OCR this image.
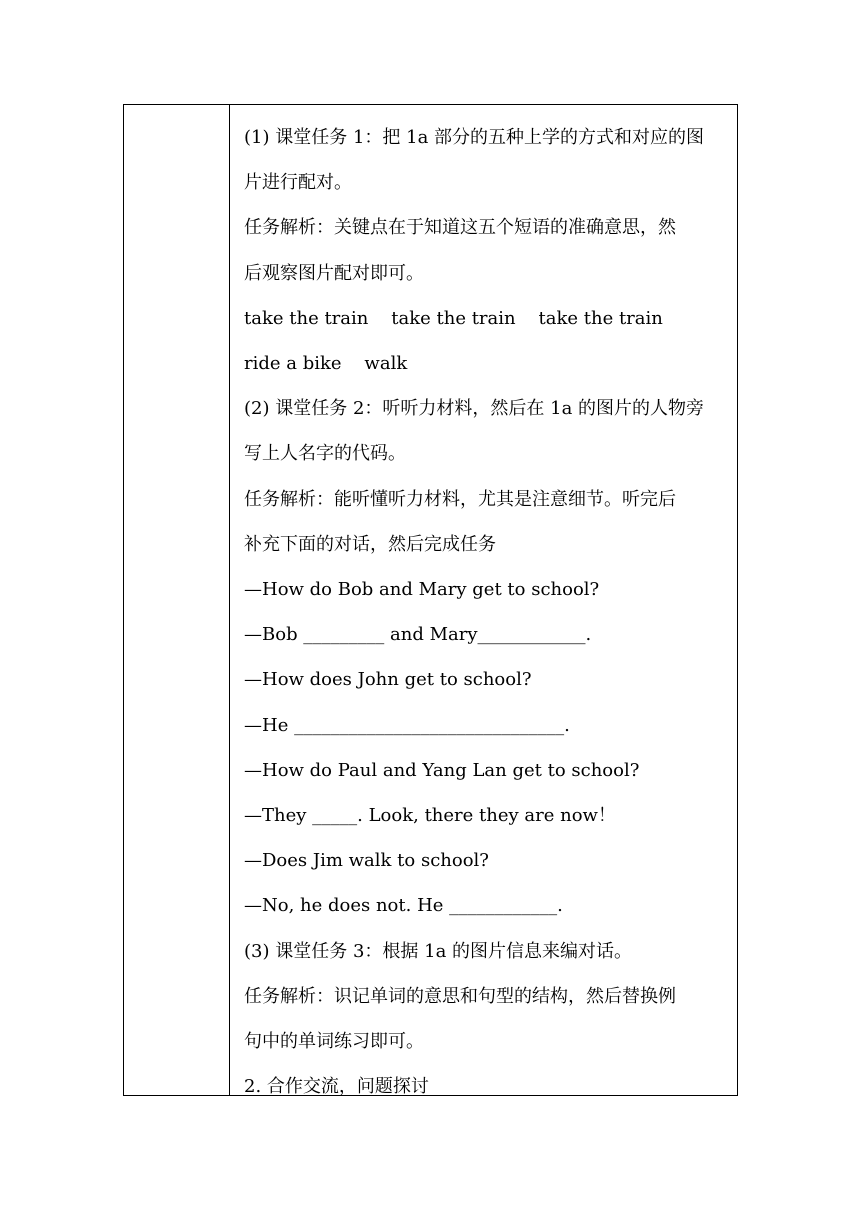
(1) 课堂任务 1：把 1a 部分的五种上学的方式和对应的图

片进行配对。

任务解析：关键点在于知道这五个短语的准确意思，然

后观察图片配对即可。

take the train    take the train    take the train

ride a bike    walk

(2) 课堂任务 2：听听力材料，然后在 1a 的图片的人物旁

写上人名字的代码。

任务解析：能听懂听力材料，尤其是注意细节。听完后

补充下面的对话，然后完成任务

—How do Bob and Mary get to school?

—Bob _________ and Mary____________.

—How does John get to school?

—He ______________________________.

—How do Paul and Yang Lan get to school?

—They _____. Look, there they are now！

—Does Jim walk to school?

—No, he does not. He ____________.

(3) 课堂任务 3：根据 1a 的图片信息来编对话。

任务解析：识记单词的意思和句型的结构，然后替换例

句中的单词练习即可。

2. 合作交流，问题探讨
